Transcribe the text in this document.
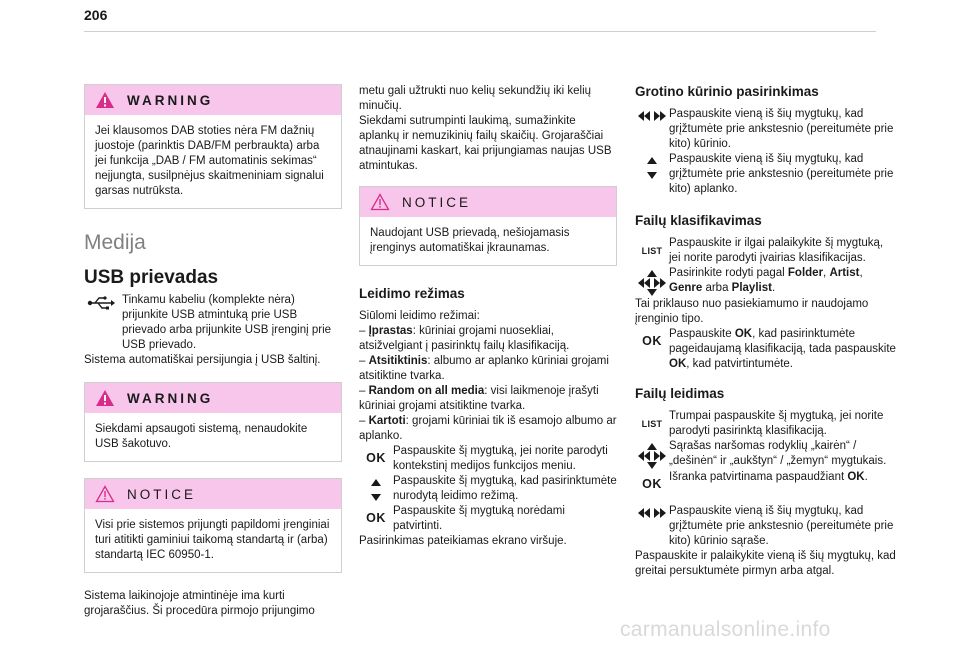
206
WARNING
Jei klausomos DAB stoties nėra FM dažnių juostoje (parinktis DAB/FM perbraukta) arba jei funkcija „DAB / FM automatinis sekimas“ neįjungta, susilpnėjus skaitmeniniam signalui garsas nutrūksta.
Medija
USB prievadas

Tinkamu kabeliu (komplekte nėra) prijunkite USB atmintuką prie USB prievado arba prijunkite USB įrenginį prie USB prievado.

Sistema automatiškai persijungia į USB šaltinį.

WARNING
Siekdami apsaugoti sistemą, nenaudokite USB šakotuvo.
NOTICE
Visi prie sistemos prijungti papildomi įrenginiai turi atitikti gaminiui taikomą standartą ir (arba) standartą IEC 60950-1.

Sistema laikinojoje atmintinėje ima kurti grojaraščius. Ši procedūra pirmojo prijungimo

metu gali užtrukti nuo kelių sekundžių iki kelių minučių.

Siekdami sutrumpinti laukimą, sumažinkite aplankų ir nemuzikinių failų skaičių. Grojaraščiai atnaujinami kaskart, kai prijungiamas naujas USB atmintukas.

NOTICE
Naudojant USB prievadą, nešiojamasis įrenginys automatiškai įkraunamas.
Leidimo režimas

Siūlomi leidimo režimai:

– Įprastas: kūriniai grojami nuosekliai, atsižvelgiant į pasirinktų failų klasifikaciją.

– Atsitiktinis: albumo ar aplanko kūriniai grojami atsitiktine tvarka.

– Random on all media: visi laikmenoje įrašyti kūriniai grojami atsitiktine tvarka.

– Kartoti: grojami kūriniai tik iš esamojo albumo ar aplanko.

OK Paspauskite šį mygtuką, jei norite parodyti kontekstinį medijos funkcijos meniu.
Paspauskite šį mygtuką, kad pasirinktumėte nurodytą leidimo režimą.
OK Paspauskite šį mygtuką norėdami patvirtinti.

Pasirinkimas pateikiamas ekrano viršuje.

Grotino kūrinio pasirinkimas
Paspauskite vieną iš šių mygtukų, kad grįžtumėte prie ankstesnio (pereitumėte prie kito) kūrinio.
Paspauskite vieną iš šių mygtukų, kad grįžtumėte prie ankstesnio (pereitumėte prie kito) aplanko.
Failų klasifikavimas
LIST
Paspauskite ir ilgai palaikykite šį mygtuką, jei norite parodyti įvairias klasifikacijas.
Pasirinkite rodyti pagal Folder, Artist, Genre arba Playlist.

Tai priklauso nuo pasiekiamumo ir naudojamo įrenginio tipo.

OK Paspauskite OK, kad pasirinktumėte pageidaujamą klasifikaciją, tada paspauskite OK, kad patvirtintumėte.
Failų leidimas
LIST
Trumpai paspauskite šį mygtuką, jei norite parodyti pasirinktą klasifikaciją.
Sąrašas naršomas rodyklių „kairėn“ / „dešinėn“ ir „aukštyn“ / „žemyn“ mygtukais.
OK Išranka patvirtinama paspaudžiant OK.
Paspauskite vieną iš šių mygtukų, kad grįžtumėte prie ankstesnio (pereitumėte prie kito) kūrinio sąraše.

Paspauskite ir palaikykite vieną iš šių mygtukų, kad greitai persuktumėte pirmyn arba atgal.

carmanualsonline.info
